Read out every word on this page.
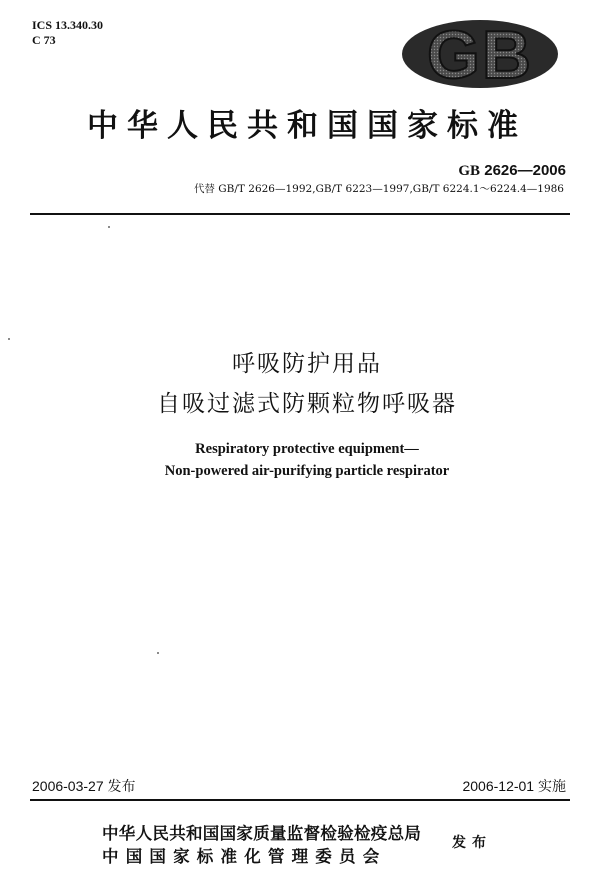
ICS 13.340.30
C 73	GB
中华人民共和国国家标准
GB 2626—2006
代替 GB/T 2626—1992,GB/T 6223—1997,GB/T 6224.1～6224.4—1986
呼吸防护用品
自吸过滤式防颗粒物呼吸器
Respiratory protective equipment—
Non-powered air-purifying particle respirator
2006-03-27 发布	2006-12-01 实施
中华人民共和国国家质量监督检验检疫总局
中国国家标准化管理委员会
发布
